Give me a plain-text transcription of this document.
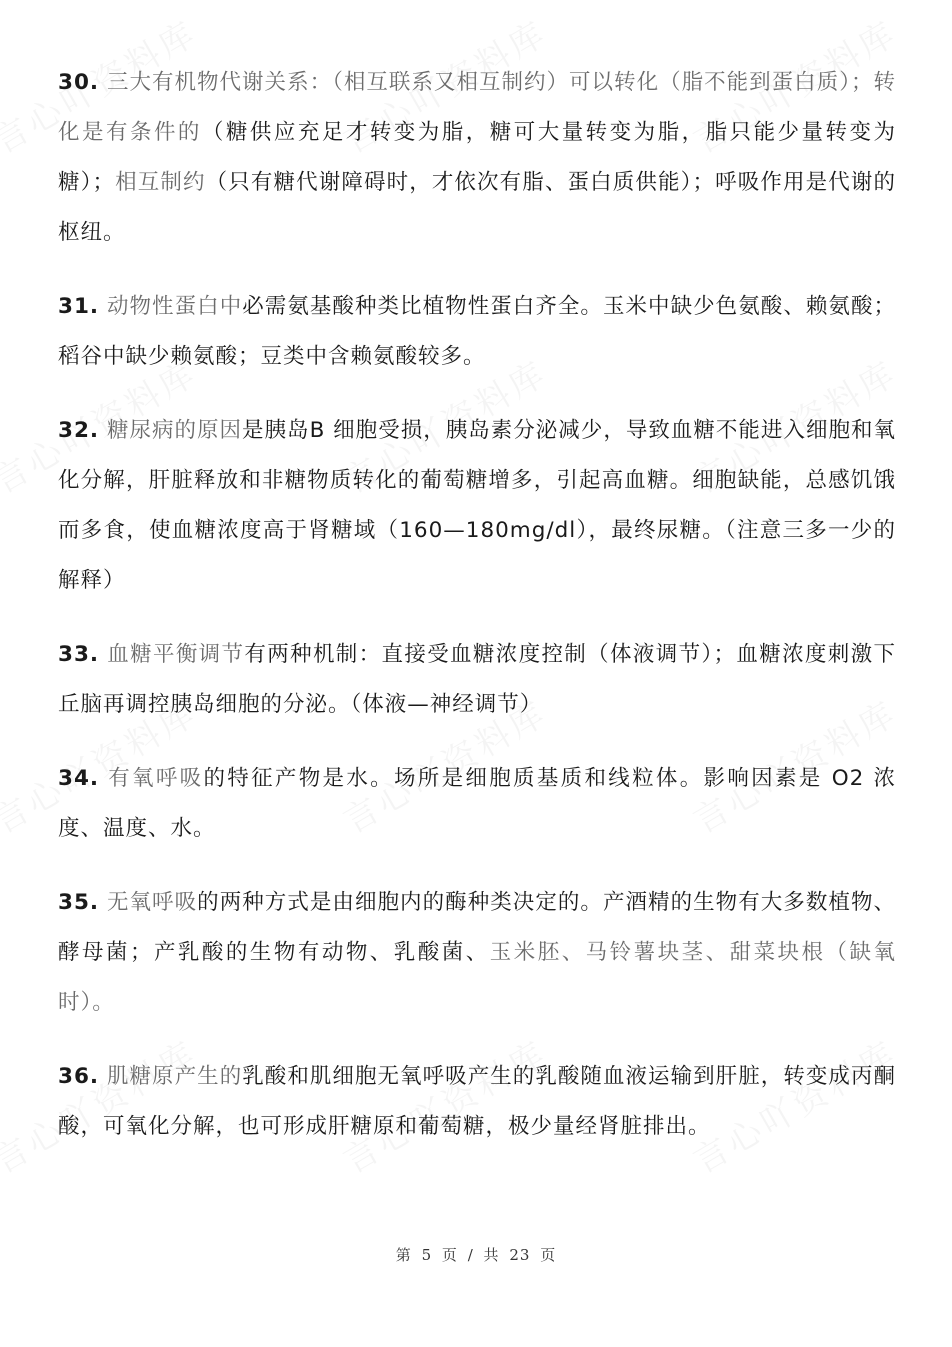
30. 三大有机物代谢关系：（相互联系又相互制约）可以转化（脂不能到蛋白质）；转化是有条件的（糖供应充足才转变为脂，糖可大量转变为脂，脂只能少量转变为糖）；相互制约（只有糖代谢障碍时，才依次有脂、蛋白质供能）；呼吸作用是代谢的枢纽。

31. 动物性蛋白中必需氨基酸种类比植物性蛋白齐全。玉米中缺少色氨酸、赖氨酸；稻谷中缺少赖氨酸；豆类中含赖氨酸较多。

32. 糖尿病的原因是胰岛B 细胞受损，胰岛素分泌减少，导致血糖不能进入细胞和氧化分解，肝脏释放和非糖物质转化的葡萄糖增多，引起高血糖。细胞缺能，总感饥饿而多食，使血糖浓度高于肾糖域（160—180mg/dl），最终尿糖。（注意三多一少的解释）

33. 血糖平衡调节有两种机制：直接受血糖浓度控制（体液调节）；血糖浓度刺激下丘脑再调控胰岛细胞的分泌。（体液—神经调节）

34. 有氧呼吸的特征产物是水。场所是细胞质基质和线粒体。影响因素是 O2 浓度、温度、水。

35. 无氧呼吸的两种方式是由细胞内的酶种类决定的。产酒精的生物有大多数植物、酵母菌；产乳酸的生物有动物、乳酸菌、玉米胚、马铃薯块茎、甜菜块根（缺氧时）。

36. 肌糖原产生的乳酸和肌细胞无氧呼吸产生的乳酸随血液运输到肝脏，转变成丙酮酸，可氧化分解，也可形成肝糖原和葡萄糖，极少量经肾脏排出。

第 5 页 / 共 23 页
